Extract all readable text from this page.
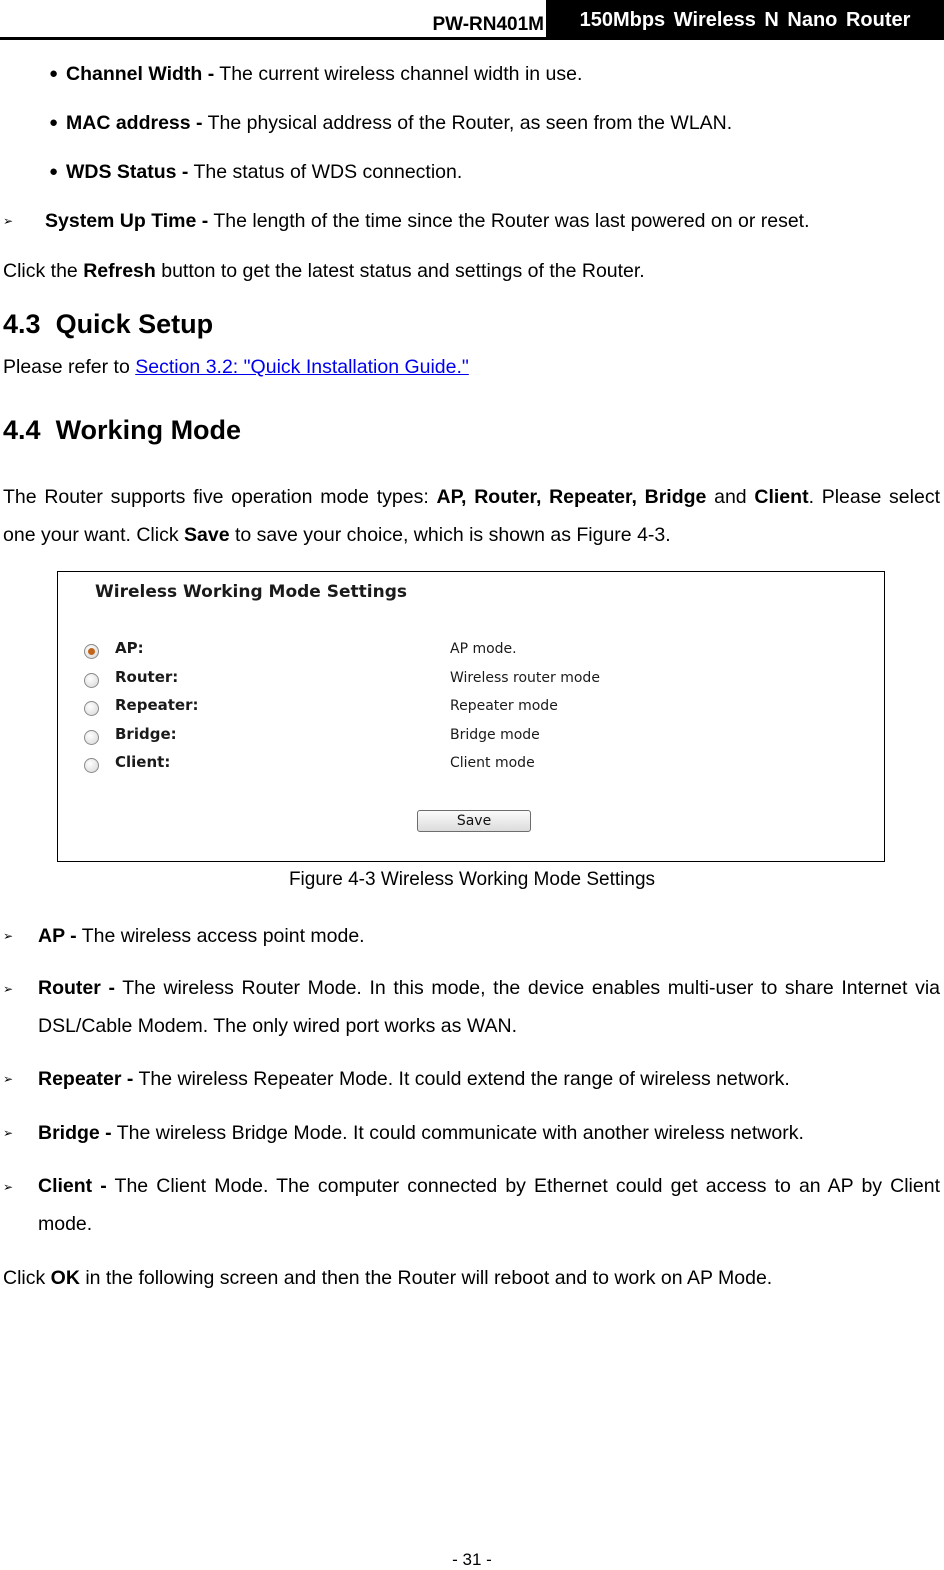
PW-RN401M	150Mbps Wireless N Nano Router
● Channel Width - The current wireless channel width in use.
● MAC address - The physical address of the Router, as seen from the WLAN.
● WDS Status - The status of WDS connection.
➢ System Up Time - The length of the time since the Router was last powered on or reset.
Click the Refresh button to get the latest status and settings of the Router.
4.3 Quick Setup
Please refer to Section 3.2: "Quick Installation Guide."
4.4 Working Mode
The Router supports five operation mode types: AP, Router, Repeater, Bridge and Client. Please select one your want. Click Save to save your choice, which is shown as Figure 4-3.
Wireless Working Mode Settings
AP:	AP mode.
Router:	Wireless router mode
Repeater:	Repeater mode
Bridge:	Bridge mode
Client:	Client mode
Save
Figure 4-3 Wireless Working Mode Settings
➢ AP - The wireless access point mode.
➢ Router - The wireless Router Mode. In this mode, the device enables multi-user to share Internet via DSL/Cable Modem. The only wired port works as WAN.
➢ Repeater - The wireless Repeater Mode. It could extend the range of wireless network.
➢ Bridge - The wireless Bridge Mode. It could communicate with another wireless network.
➢ Client - The Client Mode. The computer connected by Ethernet could get access to an AP by Client mode.
Click OK in the following screen and then the Router will reboot and to work on AP Mode.
- 31 -
